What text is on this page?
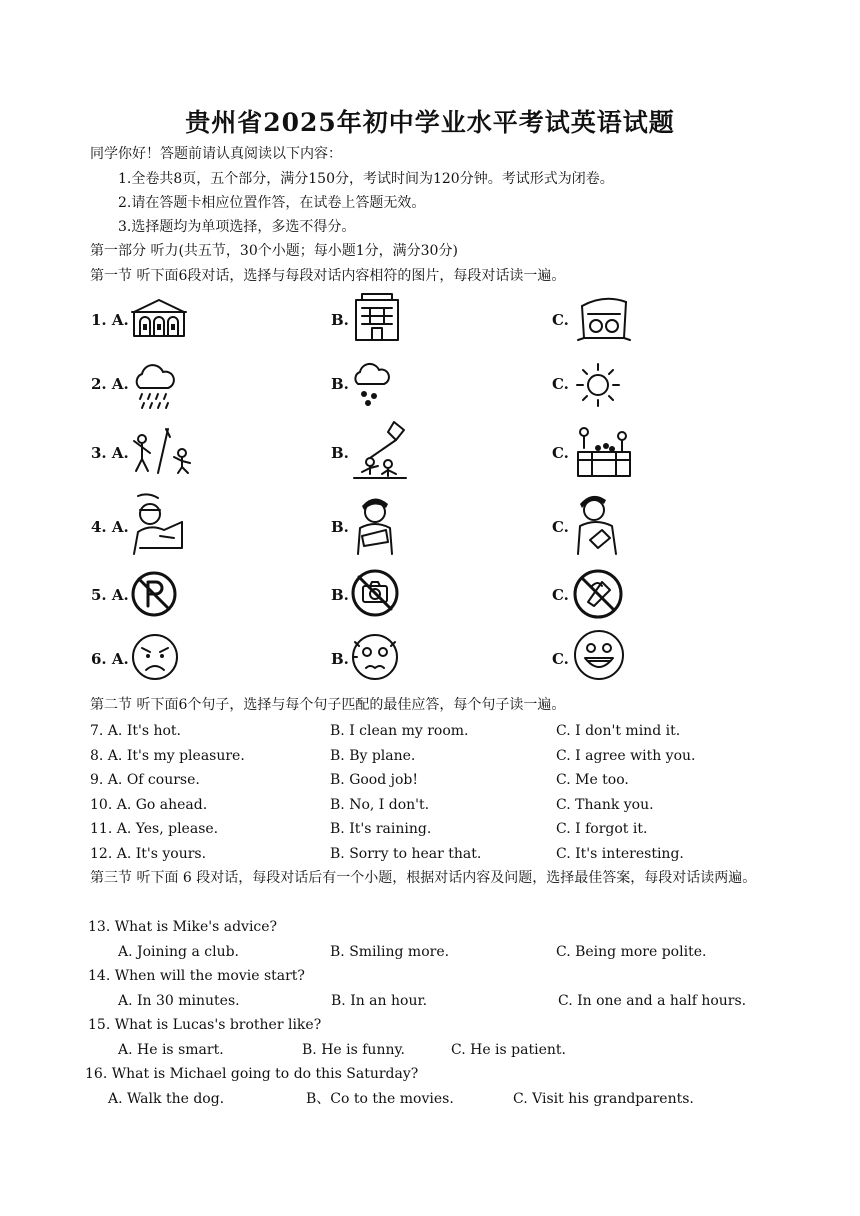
贵州省2025年初中学业水平考试英语试题
同学你好！答题前请认真阅读以下内容：
1.全卷共8页，五个部分，满分150分，考试时间为120分钟。考试形式为闭卷。
2.请在答题卡相应位置作答，在试卷上答题无效。
3.选择题均为单项选择，多选不得分。
第一部分 听力(共五节，30个小题；每小题1分，满分30分)
第一节 听下面6段对话，选择与每段对话内容相符的图片，每段对话读一遍。
1. A.	B.	C.
2. A.	B.	C.
3. A.	B.	C.
4. A.	B.	C.
5. A.	B.	C.
6. A.	B.	C.
第二节 听下面6个句子，选择与每个句子匹配的最佳应答，每个句子读一遍。
7. A. It's hot.	B. I clean my room.	C. I don't mind it.
8. A. It's my pleasure.	B. By plane.	C. I agree with you.
9. A. Of course.	B. Good job!	C. Me too.
10. A. Go ahead.	B. No, I don't.	C. Thank you.
11. A. Yes, please.	B. It's raining.	C. I forgot it.
12. A. It's yours.	B. Sorry to hear that.	C. It's interesting.
第三节 听下面 6 段对话，每段对话后有一个小题，根据对话内容及问题，选择最佳答案，每段对话读两遍。
13. What is Mike's advice?
A. Joining a club.	B. Smiling more.	C. Being more polite.
14. When will the movie start?
A. In 30 minutes.	B. In an hour.	C. In one and a half hours.
15. What is Lucas's brother like?
A. He is smart.	B. He is funny.	C. He is patient.
16. What is Michael going to do this Saturday?
A. Walk the dog.	B、Co to the movies.	C. Visit his grandparents.
